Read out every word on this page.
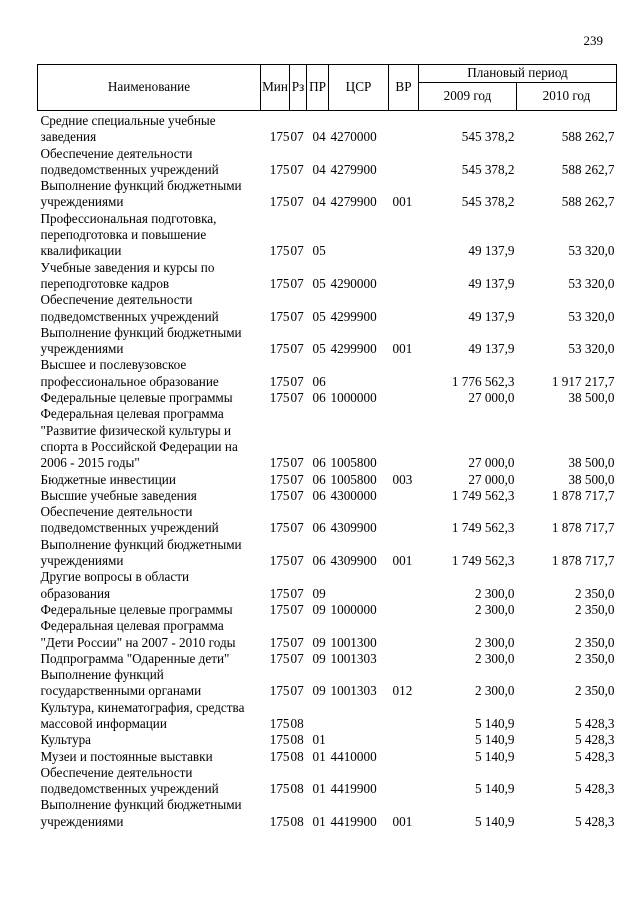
239
Наименование	Мин	Рз	ПР	ЦСР	ВР	Плановый период	
						2009 год	2010 год
Средние специальные учебные заведения	175	07	04	4270000		545 378,2	588 262,7
Обеспечение деятельности подведомственных учреждений	175	07	04	4279900		545 378,2	588 262,7
Выполнение функций бюджетными учреждениями	175	07	04	4279900	001	545 378,2	588 262,7
Профессиональная подготовка, переподготовка и повышение квалификации	175	07	05			49 137,9	53 320,0
Учебные заведения и курсы по переподготовке кадров	175	07	05	4290000		49 137,9	53 320,0
Обеспечение деятельности подведомственных учреждений	175	07	05	4299900		49 137,9	53 320,0
Выполнение функций бюджетными учреждениями	175	07	05	4299900	001	49 137,9	53 320,0
Высшее и послевузовское профессиональное образование	175	07	06			1 776 562,3	1 917 217,7
Федеральные целевые программы	175	07	06	1000000		27 000,0	38 500,0
Федеральная целевая программа "Развитие физической культуры и спорта в Российской Федерации на 2006 - 2015 годы"	175	07	06	1005800		27 000,0	38 500,0
Бюджетные инвестиции	175	07	06	1005800	003	27 000,0	38 500,0
Высшие учебные заведения	175	07	06	4300000		1 749 562,3	1 878 717,7
Обеспечение деятельности подведомственных учреждений	175	07	06	4309900		1 749 562,3	1 878 717,7
Выполнение функций бюджетными учреждениями	175	07	06	4309900	001	1 749 562,3	1 878 717,7
Другие вопросы в области образования	175	07	09			2 300,0	2 350,0
Федеральные целевые программы	175	07	09	1000000		2 300,0	2 350,0
Федеральная целевая программа "Дети России" на 2007 - 2010 годы	175	07	09	1001300		2 300,0	2 350,0
Подпрограмма "Одаренные дети"	175	07	09	1001303		2 300,0	2 350,0
Выполнение функций государственными органами	175	07	09	1001303	012	2 300,0	2 350,0
Культура, кинематография, средства массовой информации	175	08				5 140,9	5 428,3
Культура	175	08	01			5 140,9	5 428,3
Музеи и постоянные выставки	175	08	01	4410000		5 140,9	5 428,3
Обеспечение деятельности подведомственных учреждений	175	08	01	4419900		5 140,9	5 428,3
Выполнение функций бюджетными учреждениями	175	08	01	4419900	001	5 140,9	5 428,3
